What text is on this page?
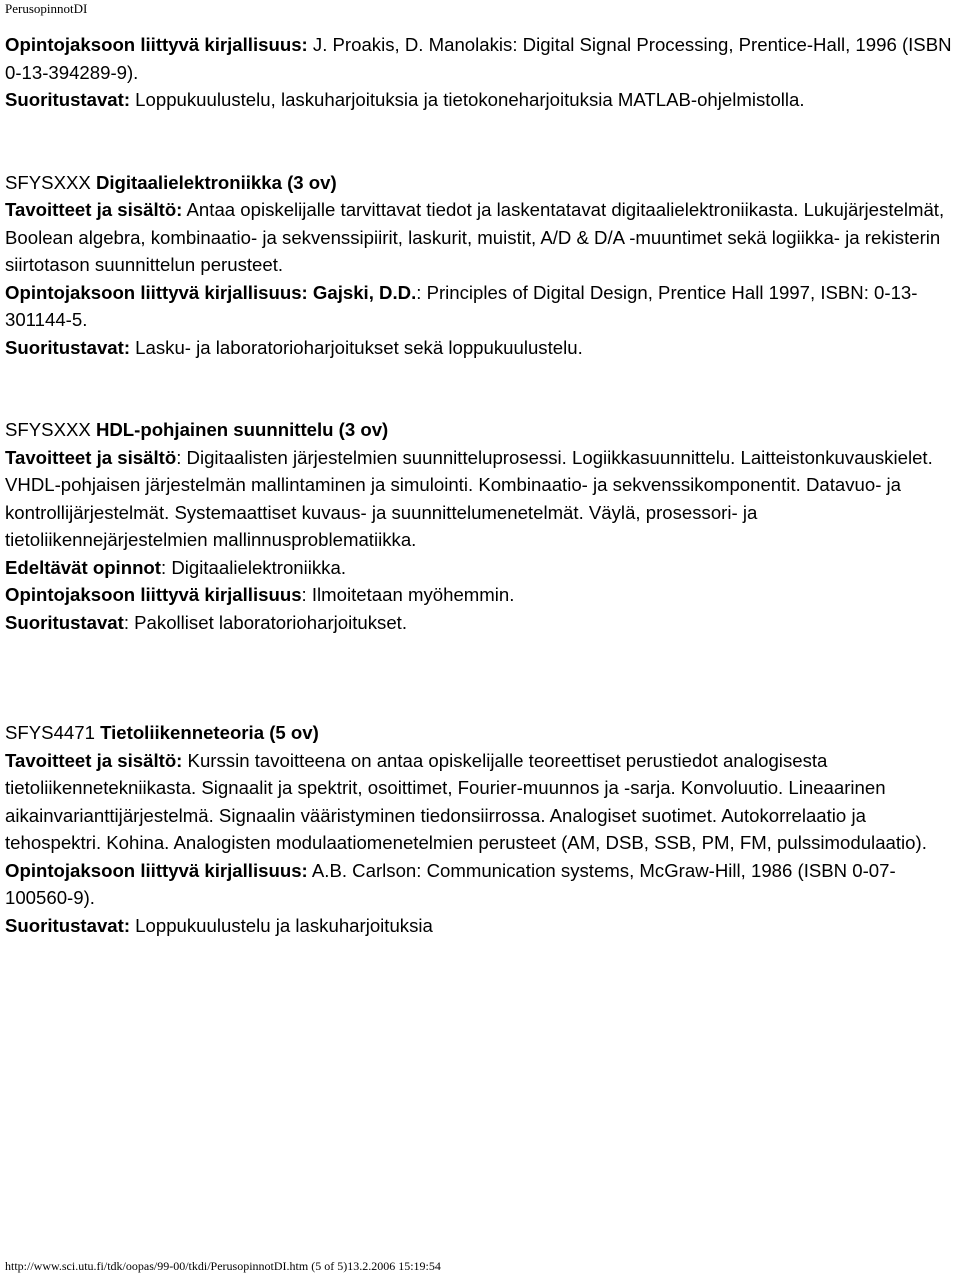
PerusopinnotDI

Opintojaksoon liittyvä kirjallisuus: J. Proakis, D. Manolakis: Digital Signal Processing, Prentice-Hall, 1996 (ISBN 0-13-394289-9).

Suoritustavat: Loppukuulustelu, laskuharjoituksia ja tietokoneharjoituksia MATLAB-ohjelmistolla.

SFYSXXX Digitaalielektroniikka (3 ov)

Tavoitteet ja sisältö: Antaa opiskelijalle tarvittavat tiedot ja laskentatavat digitaalielektroniikasta. Lukujärjestelmät, Boolean algebra, kombinaatio- ja sekvenssipiirit, laskurit, muistit, A/D & D/A -muuntimet sekä logiikka- ja rekisterin siirtotason suunnittelun perusteet.

Opintojaksoon liittyvä kirjallisuus: Gajski, D.D.: Principles of Digital Design, Prentice Hall 1997, ISBN: 0-13-301144-5.

Suoritustavat: Lasku- ja laboratorioharjoitukset sekä loppukuulustelu.

SFYSXXX HDL-pohjainen suunnittelu (3 ov)

Tavoitteet ja sisältö: Digitaalisten järjestelmien suunnitteluprosessi. Logiikkasuunnittelu. Laitteistonkuvauskielet. VHDL-pohjaisen järjestelmän mallintaminen ja simulointi. Kombinaatio- ja sekvenssikomponentit. Datavuo- ja kontrollijärjestelmät. Systemaattiset kuvaus- ja suunnittelumenetelmät. Väylä, prosessori- ja tietoliikennejärjestelmien mallinnusproblematiikka.

Edeltävät opinnot: Digitaalielektroniikka.

Opintojaksoon liittyvä kirjallisuus: Ilmoitetaan myöhemmin.

Suoritustavat: Pakolliset laboratorioharjoitukset.

SFYS4471 Tietoliikenneteoria (5 ov)

Tavoitteet ja sisältö: Kurssin tavoitteena on antaa opiskelijalle teoreettiset perustiedot analogisesta tietoliikennetekniikasta. Signaalit ja spektrit, osoittimet, Fourier-muunnos ja -sarja. Konvoluutio. Lineaarinen aikainvarianttijärjestelmä. Signaalin vääristyminen tiedonsiirrossa. Analogiset suotimet. Autokorrelaatio ja tehospektri. Kohina. Analogisten modulaatiomenetelmien perusteet (AM, DSB, SSB, PM, FM, pulssimodulaatio).

Opintojaksoon liittyvä kirjallisuus: A.B. Carlson: Communication systems, McGraw-Hill, 1986 (ISBN 0-07-100560-9).

Suoritustavat: Loppukuulustelu ja laskuharjoituksia

http://www.sci.utu.fi/tdk/oopas/99-00/tkdi/PerusopinnotDI.htm (5 of 5)13.2.2006 15:19:54
